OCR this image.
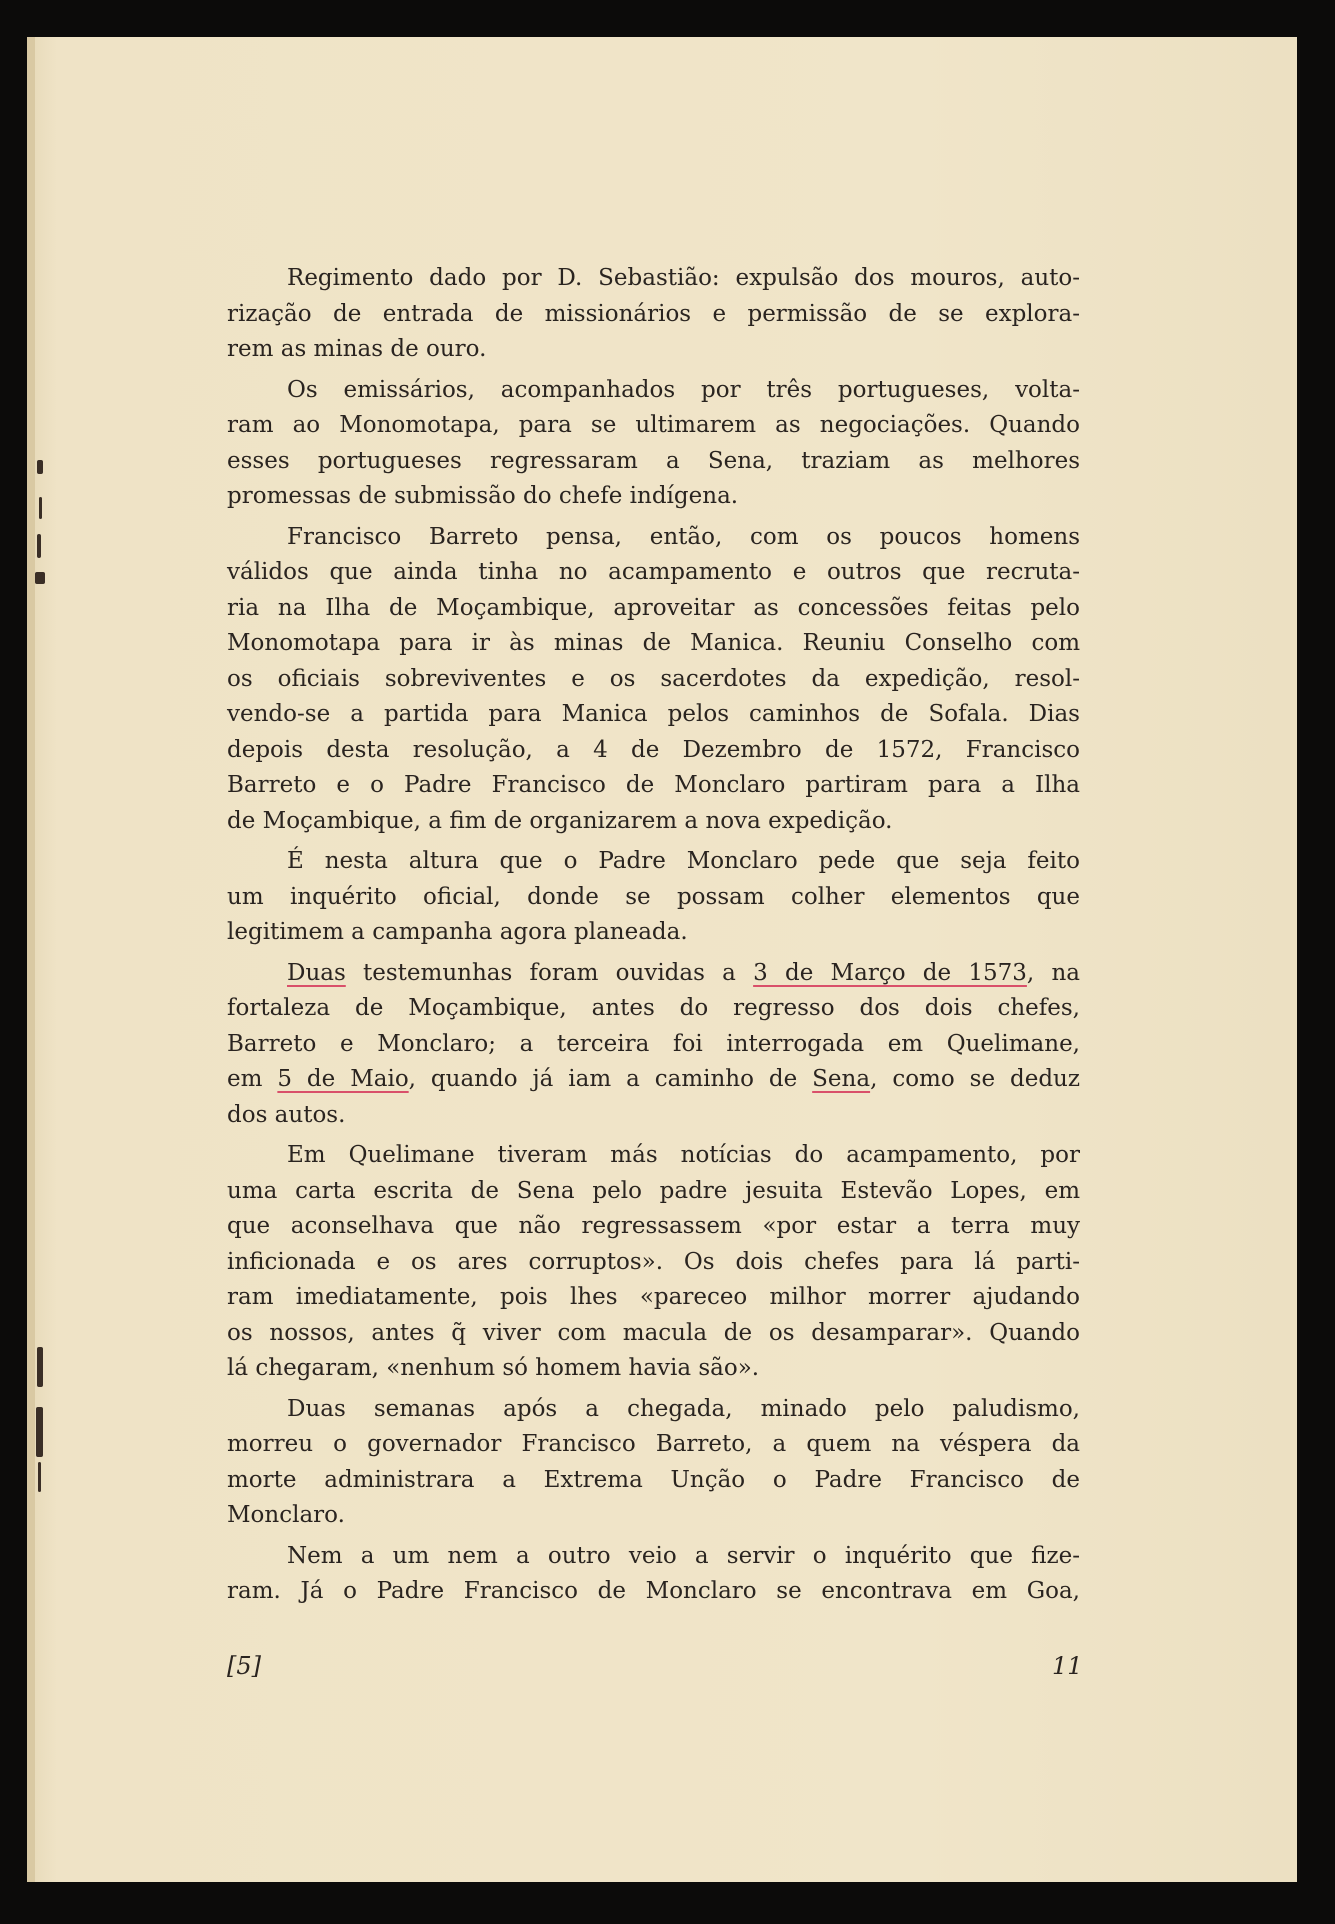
Regimento dado por D. Sebastião: expulsão dos mouros, auto-
rização de entrada de missionários e permissão de se explora-
rem as minas de ouro.
Os emissários, acompanhados por três portugueses, volta-
ram ao Monomotapa, para se ultimarem as negociações. Quando
esses portugueses regressaram a Sena, traziam as melhores
promessas de submissão do chefe indígena.
Francisco Barreto pensa, então, com os poucos homens
válidos que ainda tinha no acampamento e outros que recruta-
ria na Ilha de Moçambique, aproveitar as concessões feitas pelo
Monomotapa para ir às minas de Manica. Reuniu Conselho com
os oficiais sobreviventes e os sacerdotes da expedição, resol-
vendo-se a partida para Manica pelos caminhos de Sofala. Dias
depois desta resolução, a 4 de Dezembro de 1572, Francisco
Barreto e o Padre Francisco de Monclaro partiram para a Ilha
de Moçambique, a fim de organizarem a nova expedição.
É nesta altura que o Padre Monclaro pede que seja feito
um inquérito oficial, donde se possam colher elementos que
legitimem a campanha agora planeada.
Duas testemunhas foram ouvidas a 3 de Março de 1573, na
fortaleza de Moçambique, antes do regresso dos dois chefes,
Barreto e Monclaro; a terceira foi interrogada em Quelimane,
em 5 de Maio, quando já iam a caminho de Sena, como se deduz
dos autos.
Em Quelimane tiveram más notícias do acampamento, por
uma carta escrita de Sena pelo padre jesuita Estevão Lopes, em
que aconselhava que não regressassem «por estar a terra muy
inficionada e os ares corruptos». Os dois chefes para lá parti-
ram imediatamente, pois lhes «pareceo milhor morrer ajudando
os nossos, antes q̃ viver com macula de os desamparar». Quando
lá chegaram, «nenhum só homem havia são».
Duas semanas após a chegada, minado pelo paludismo,
morreu o governador Francisco Barreto, a quem na véspera da
morte administrara a Extrema Unção o Padre Francisco de
Monclaro.
Nem a um nem a outro veio a servir o inquérito que fize-
ram. Já o Padre Francisco de Monclaro se encontrava em Goa,
[5]	11
